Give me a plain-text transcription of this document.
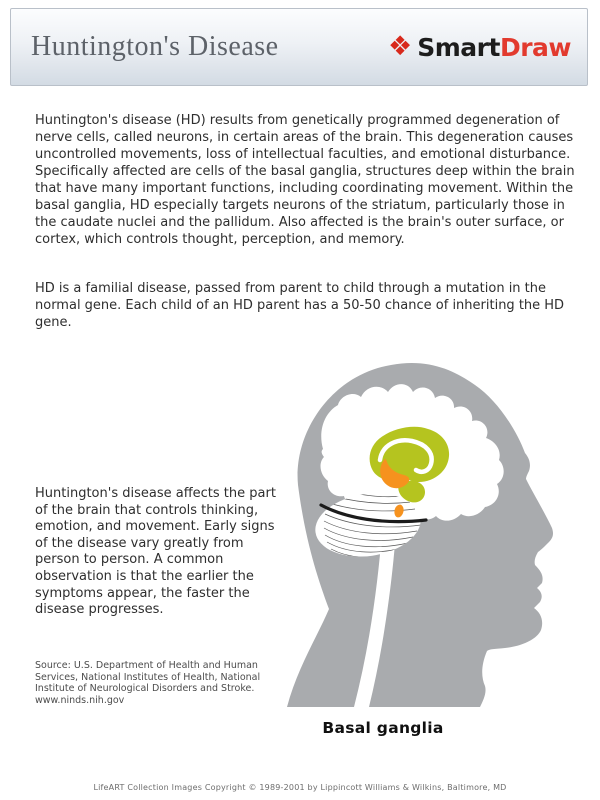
Huntington's Disease	❖ SmartDraw
Huntington's disease (HD) results from genetically programmed degeneration of nerve cells, called neurons, in certain areas of the brain. This degeneration causes uncontrolled movements, loss of intellectual faculties, and emotional disturbance. Specifically affected are cells of the basal ganglia, structures deep within the brain that have many important functions, including coordinating movement. Within the basal ganglia, HD especially targets neurons of the striatum, particularly those in the caudate nuclei and the pallidum. Also affected is the brain's outer surface, or cortex, which controls thought, perception, and memory.
HD is a familial disease, passed from parent to child through a mutation in the normal gene. Each child of an HD parent has a 50-50 chance of inheriting the HD gene.
Huntington's disease affects the part of the brain that controls thinking, emotion, and movement. Early signs of the disease vary greatly from person to person. A common observation is that the earlier the symptoms appear, the faster the disease progresses.
Source: U.S. Department of Health and Human Services, National Institutes of Health, National Institute of Neurological Disorders and Stroke.
www.ninds.nih.gov
Basal ganglia
LifeART Collection Images Copyright © 1989-2001 by Lippincott Williams & Wilkins, Baltimore, MD
